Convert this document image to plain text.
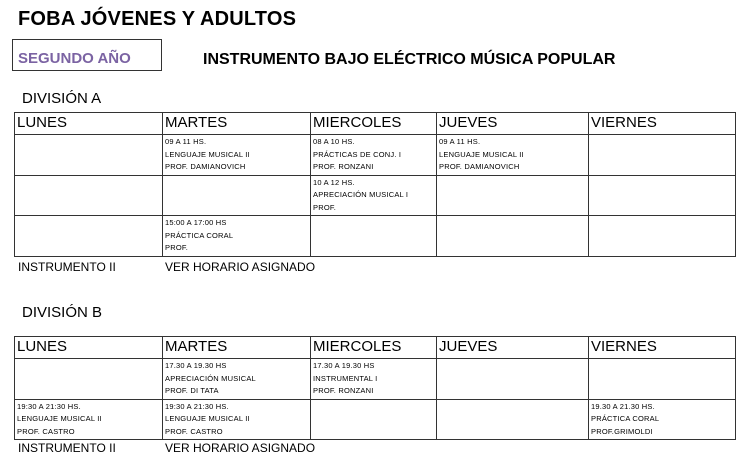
FOBA JÓVENES Y ADULTOS
SEGUNDO AÑO	INSTRUMENTO BAJO ELÉCTRICO MÚSICA POPULAR
DIVISIÓN A
LUNES	MARTES	MIERCOLES	JUEVES	VIERNES

	09 A 11 HS.
LENGUAJE MUSICAL II
PROF. DAMIANOVICH	08 A 10 HS.
PRÁCTICAS DE CONJ. I
PROF. RONZANI	09 A 11 HS.
LENGUAJE MUSICAL II
PROF. DAMIANOVICH	

		10 A 12 HS.
APRECIACIÓN MUSICAL I
PROF.		

	15:00 A 17:00 HS
PRÁCTICA CORAL
PROF.			

INSTRUMENTO II	VER HORARIO ASIGNADO
DIVISIÓN B
LUNES	MARTES	MIERCOLES	JUEVES	VIERNES

	17.30 A 19.30 HS
APRECIACIÓN MUSICAL
PROF. DI TATA	17.30 A 19.30 HS
INSTRUMENTAL I
PROF. RONZANI		

19:30 A 21:30 HS.
LENGUAJE MUSICAL II
PROF. CASTRO	19:30 A 21:30 HS.
LENGUAJE MUSICAL II
PROF. CASTRO			19.30 A 21.30 HS.
PRÁCTICA CORAL
PROF.GRIMOLDI
INSTRUMENTO II	VER HORARIO ASIGNADO
